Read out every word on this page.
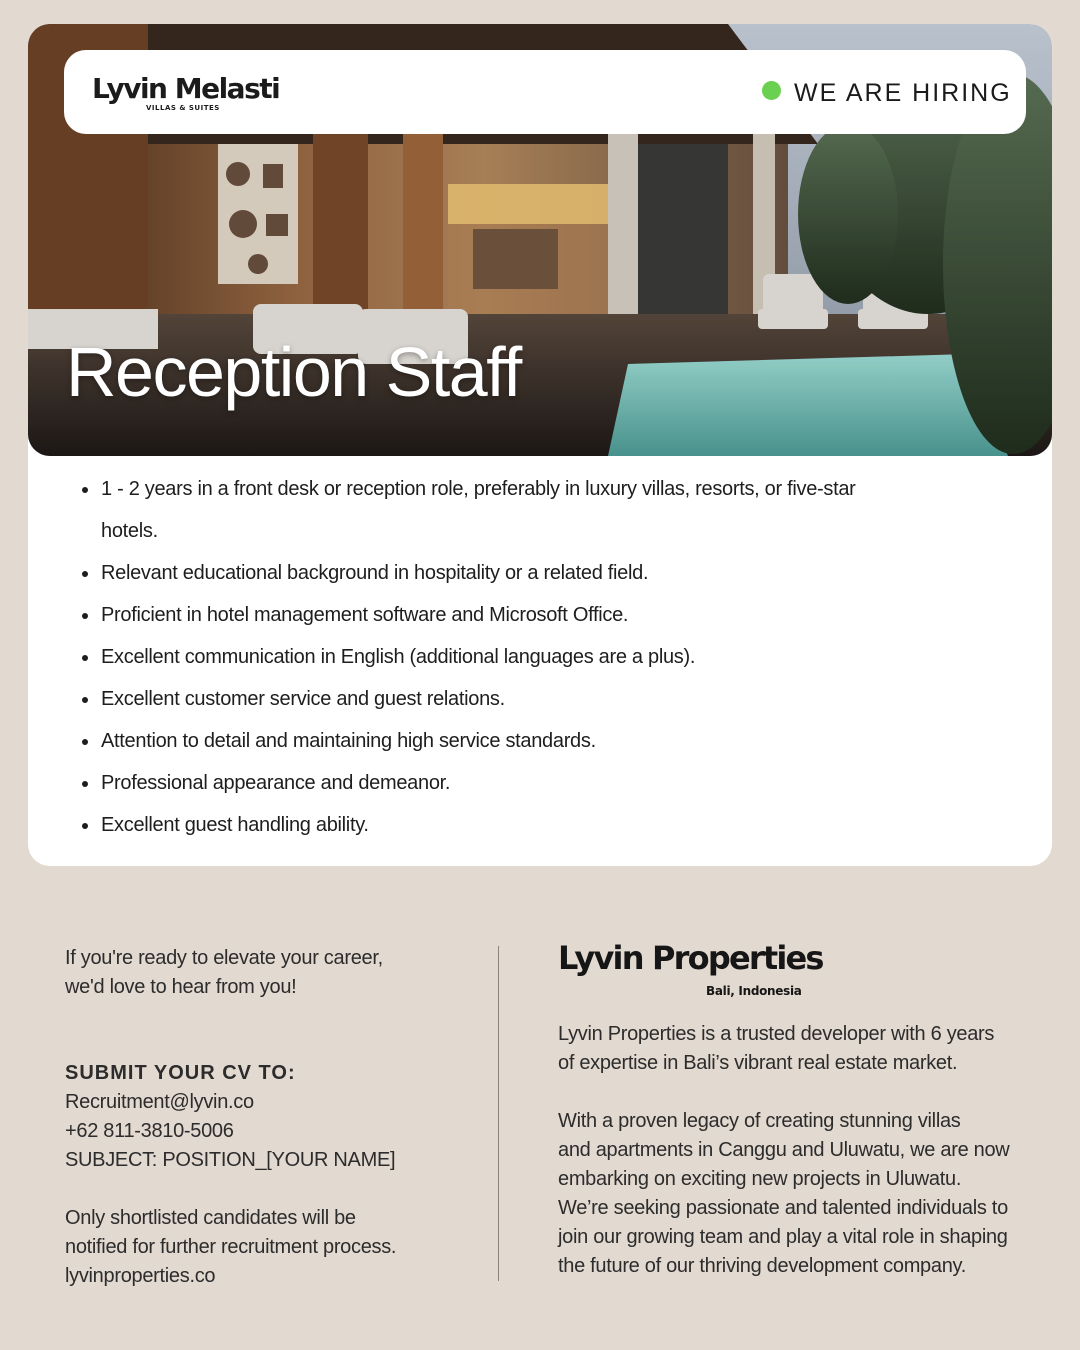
Lyvin Melasti
VILLAS & SUITES
WE ARE HIRING
Reception Staff
• 1 - 2 years in a front desk or reception role, preferably in luxury villas, resorts, or five-star hotels.
• Relevant educational background in hospitality or a related field.
• Proficient in hotel management software and Microsoft Office.
• Excellent communication in English (additional languages are a plus).
• Excellent customer service and guest relations.
• Attention to detail and maintaining high service standards.
• Professional appearance and demeanor.
• Excellent guest handling ability.

If you're ready to elevate your career,

we'd love to hear from you!

SUBMIT YOUR CV TO:

Recruitment@lyvin.co

+62 811-3810-5006

SUBJECT: POSITION_[YOUR NAME]

Only shortlisted candidates will be

notified for further recruitment process.

lyvinproperties.co

Lyvin Properties
Bali, Indonesia

Lyvin Properties is a trusted developer with 6 years

of expertise in Bali’s vibrant real estate market.

With a proven legacy of creating stunning villas

and apartments in Canggu and Uluwatu, we are now

embarking on exciting new projects in Uluwatu.

We’re seeking passionate and talented individuals to

join our growing team and play a vital role in shaping

the future of our thriving development company.
